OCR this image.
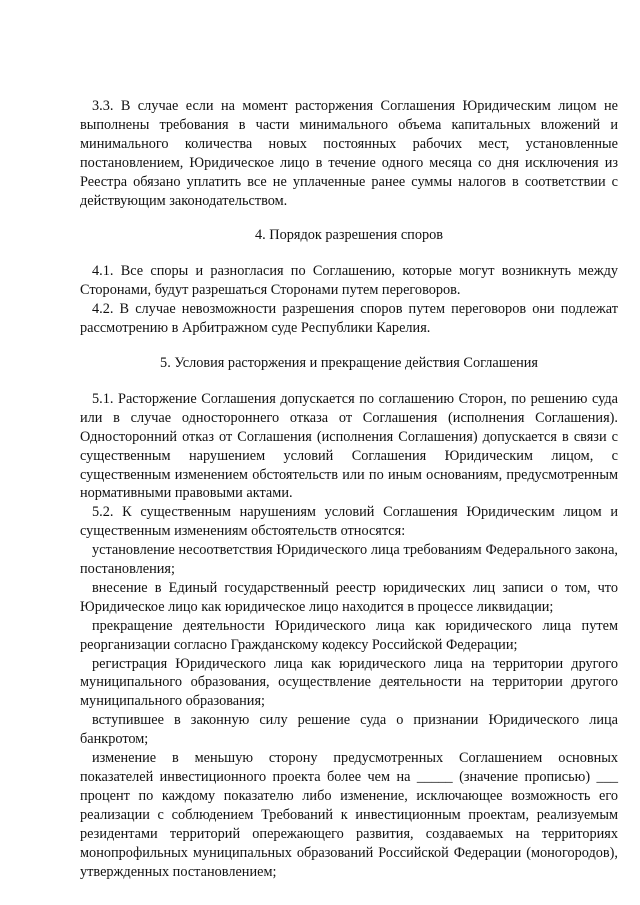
3.3. В случае если на момент расторжения Соглашения Юридическим лицом не выполнены требования в части минимального объема капитальных вложений и минимального количества новых постоянных рабочих мест, установленные постановлением, Юридическое лицо в течение одного месяца со дня исключения из Реестра обязано уплатить все не уплаченные ранее суммы налогов в соответствии с действующим законодательством.

4. Порядок разрешения споров

4.1. Все споры и разногласия по Соглашению, которые могут возникнуть между Сторонами, будут разрешаться Сторонами путем переговоров.

4.2. В случае невозможности разрешения споров путем переговоров они подлежат рассмотрению в Арбитражном суде Республики Карелия.

5. Условия расторжения и прекращение действия Соглашения

5.1. Расторжение Соглашения допускается по соглашению Сторон, по решению суда или в случае одностороннего отказа от Соглашения (исполнения Соглашения). Односторонний отказ от Соглашения (исполнения Соглашения) допускается в связи с существенным нарушением условий Соглашения Юридическим лицом, с существенным изменением обстоятельств или по иным основаниям, предусмотренным нормативными правовыми актами.

5.2. К существенным нарушениям условий Соглашения Юридическим лицом и существенным изменениям обстоятельств относятся:

установление несоответствия Юридического лица требованиям Федерального закона, постановления;

внесение в Единый государственный реестр юридических лиц записи о том, что Юридическое лицо как юридическое лицо находится в процессе ликвидации;

прекращение деятельности Юридического лица как юридического лица путем реорганизации согласно Гражданскому кодексу Российской Федерации;

регистрация Юридического лица как юридического лица на территории другого муниципального образования, осуществление деятельности на территории другого муниципального образования;

вступившее в законную силу решение суда о признании Юридического лица банкротом;

изменение в меньшую сторону предусмотренных Соглашением основных показателей инвестиционного проекта более чем на _____ (значение прописью) ___ процент по каждому показателю либо изменение, исключающее возможность его реализации с соблюдением Требований к инвестиционным проектам, реализуемым резидентами территорий опережающего развития, создаваемых на территориях монопрофильных муниципальных образований Российской Федерации (моногородов), утвержденных постановлением;
